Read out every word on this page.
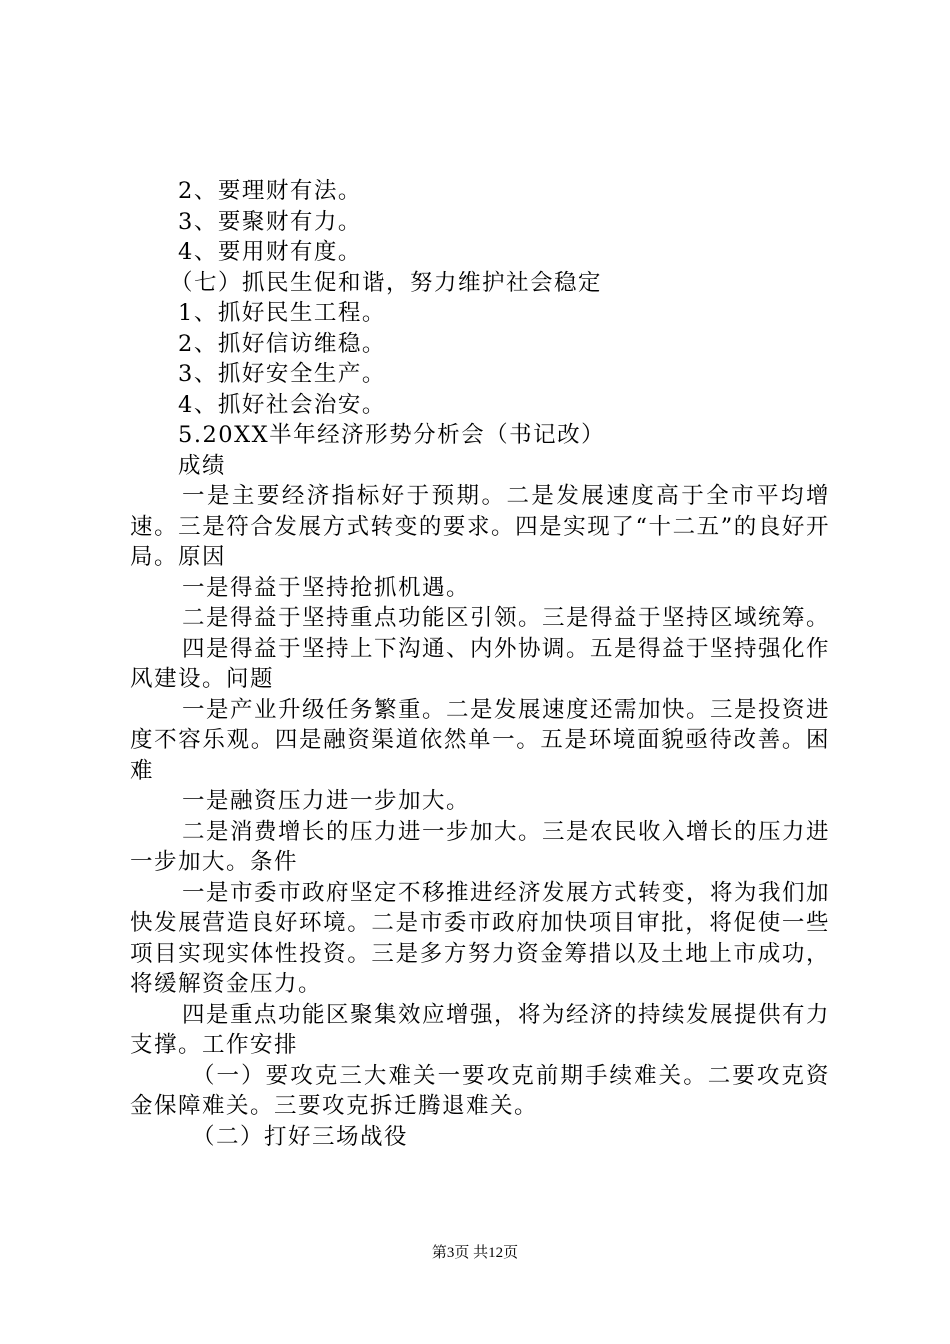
2、要理财有法。
3、要聚财有力。
4、要用财有度。
（七）抓民生促和谐，努力维护社会稳定
1、抓好民生工程。
2、抓好信访维稳。
3、抓好安全生产。
4、抓好社会治安。
5.20XX半年经济形势分析会（书记改）
成绩
一是主要经济指标好于预期。二是发展速度高于全市平均增速。三是符合发展方式转变的要求。四是实现了“十二五”的良好开局。原因
一是得益于坚持抢抓机遇。
二是得益于坚持重点功能区引领。三是得益于坚持区域统筹。
四是得益于坚持上下沟通、内外协调。五是得益于坚持强化作风建设。问题
一是产业升级任务繁重。二是发展速度还需加快。三是投资进度不容乐观。四是融资渠道依然单一。五是环境面貌亟待改善。困难
一是融资压力进一步加大。
二是消费增长的压力进一步加大。三是农民收入增长的压力进一步加大。条件
一是市委市政府坚定不移推进经济发展方式转变，将为我们加快发展营造良好环境。二是市委市政府加快项目审批，将促使一些项目实现实体性投资。三是多方努力资金筹措以及土地上市成功，将缓解资金压力。
四是重点功能区聚集效应增强，将为经济的持续发展提供有力支撑。工作安排
（一）要攻克三大难关一要攻克前期手续难关。二要攻克资金保障难关。三要攻克拆迁腾退难关。
（二）打好三场战役
第3页 共12页
